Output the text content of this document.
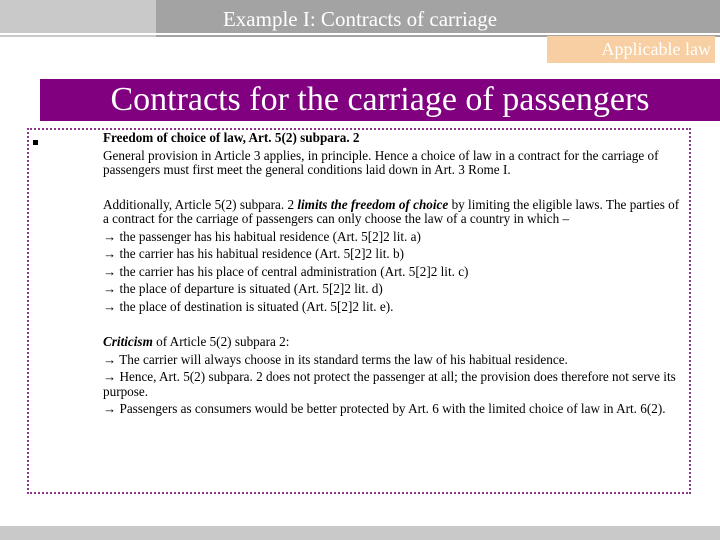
Example I: Contracts of carriage
Applicable law
Contracts for the carriage of passengers

Freedom of choice of law, Art. 5(2) subpara. 2

General provision in Article 3 applies, in principle. Hence a choice of law in a contract for the carriage of passengers must first meet the general conditions laid down in Art. 3 Rome I.

Additionally, Article 5(2) subpara. 2 limits the freedom of choice by limiting the eligible laws. The parties of a contract for the carriage of passengers can only choose the law of a country in which –

→ the passenger has his habitual residence (Art. 5[2]2 lit. a)

→ the carrier has his habitual residence (Art. 5[2]2 lit. b)

→ the carrier has his place of central administration (Art. 5[2]2 lit. c)

→ the place of departure is situated (Art. 5[2]2 lit. d)

→ the place of destination is situated (Art. 5[2]2 lit. e).

Criticism of Article 5(2) subpara 2:

→ The carrier will always choose in its standard terms the law of his habitual residence.

→ Hence, Art. 5(2) subpara. 2 does not protect the passenger at all; the provision does therefore not serve its purpose.

→ Passengers as consumers would be better protected by Art. 6 with the limited choice of law in Art. 6(2).
